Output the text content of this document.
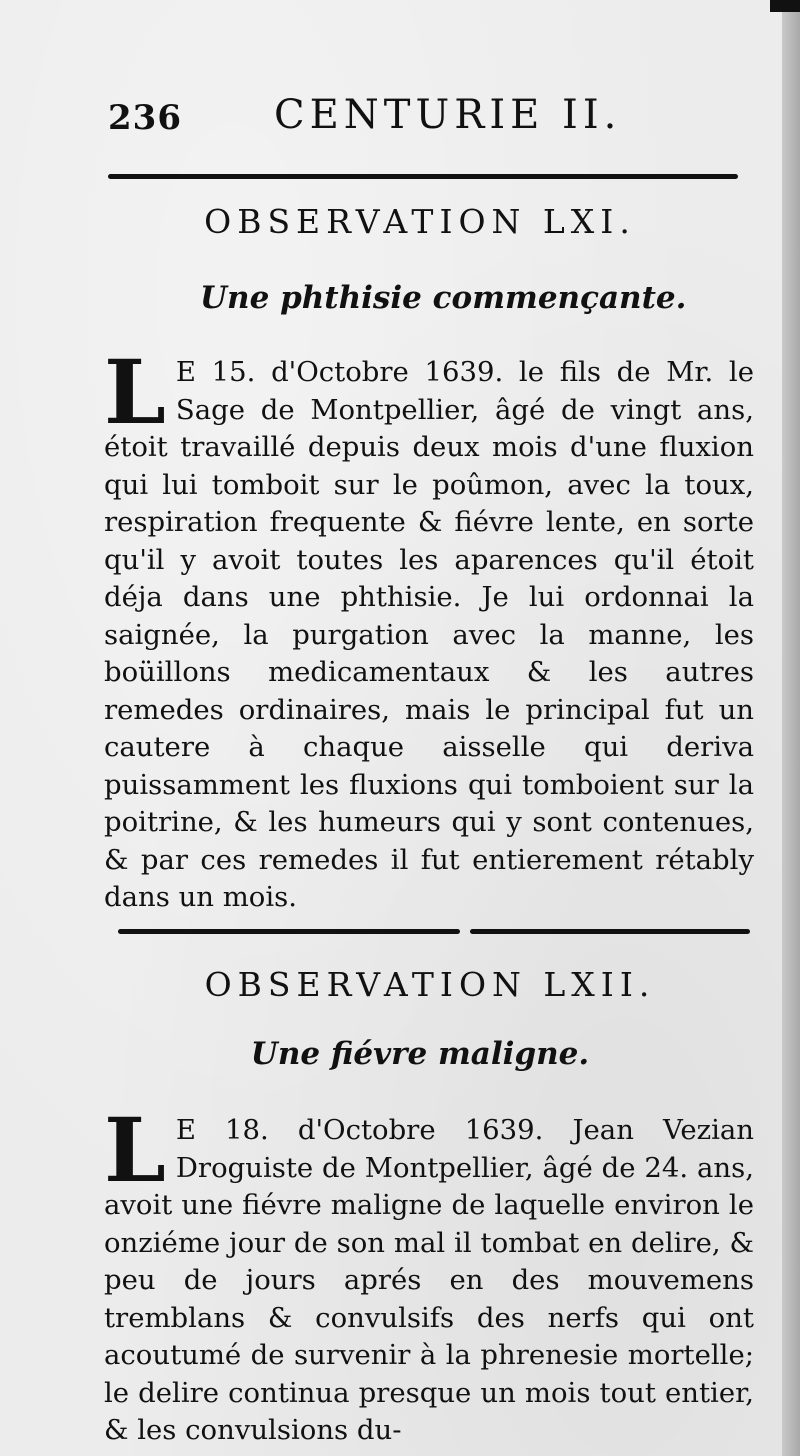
236 CENTURIE II.
OBSERVATION LXI.
Une phthisie commençante.
L E 15. d'Octobre 1639. le fils de Mr. le Sage de Montpellier, âgé de vingt ans, étoit travaillé depuis deux mois d'une fluxion qui lui tomboit sur le poûmon, avec la toux, respiration frequente & fiévre lente, en sorte qu'il y avoit toutes les aparences qu'il étoit déja dans une phthisie. Je lui ordonnai la saignée, la purgation avec la manne, les boüillons medicamentaux & les autres remedes ordinaires, mais le principal fut un cautere à chaque aisselle qui deriva puissamment les fluxions qui tomboient sur la poitrine, & les humeurs qui y sont contenues, & par ces remedes il fut entierement rétably dans un mois.
OBSERVATION LXII.
Une fiévre maligne.
L E 18. d'Octobre 1639. Jean Vezian Droguiste de Montpellier, âgé de 24. ans, avoit une fiévre maligne de laquelle environ le onziéme jour de son mal il tombat en delire, & peu de jours aprés en des mouvemens tremblans & convulsifs des nerfs qui ont acoutumé de survenir à la phrenesie mortelle; le delire continua presque un mois tout entier, & les convulsions du-
